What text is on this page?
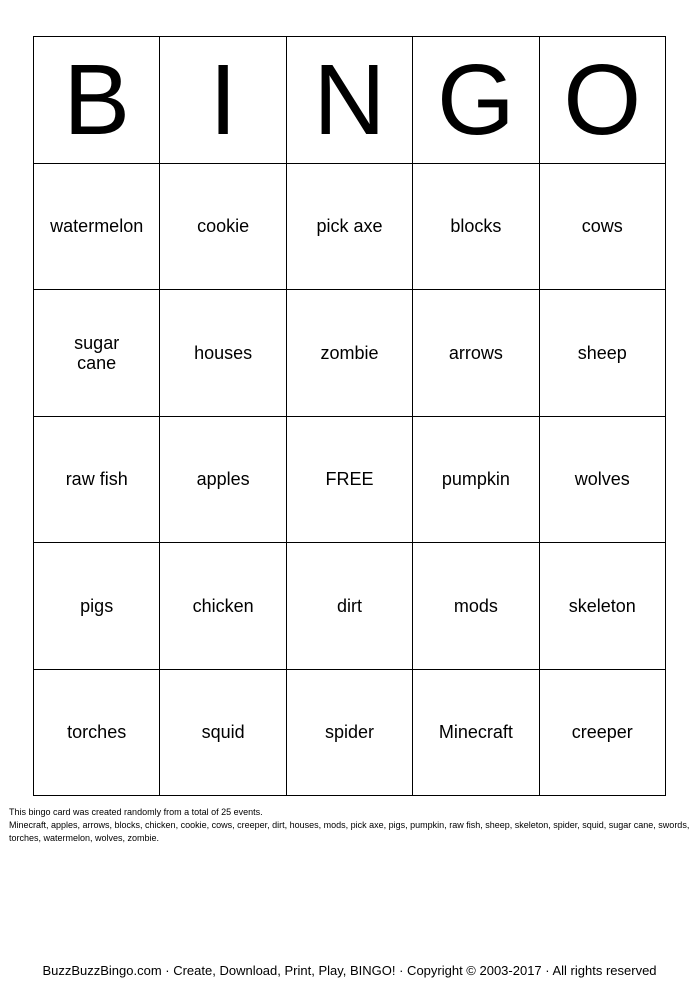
B	I	N	G	O
watermelon	cookie	pick axe	blocks	cows
sugar cane	houses	zombie	arrows	sheep
raw fish	apples	FREE	pumpkin	wolves
pigs	chicken	dirt	mods	skeleton
torches	squid	spider	Minecraft	creeper
This bingo card was created randomly from a total of 25 events.
Minecraft, apples, arrows, blocks, chicken, cookie, cows, creeper, dirt, houses, mods, pick axe, pigs, pumpkin, raw fish, sheep, skeleton, spider, squid, sugar cane, swords, torches, watermelon, wolves, zombie.
BuzzBuzzBingo.com · Create, Download, Print, Play, BINGO! · Copyright © 2003-2017 · All rights reserved
